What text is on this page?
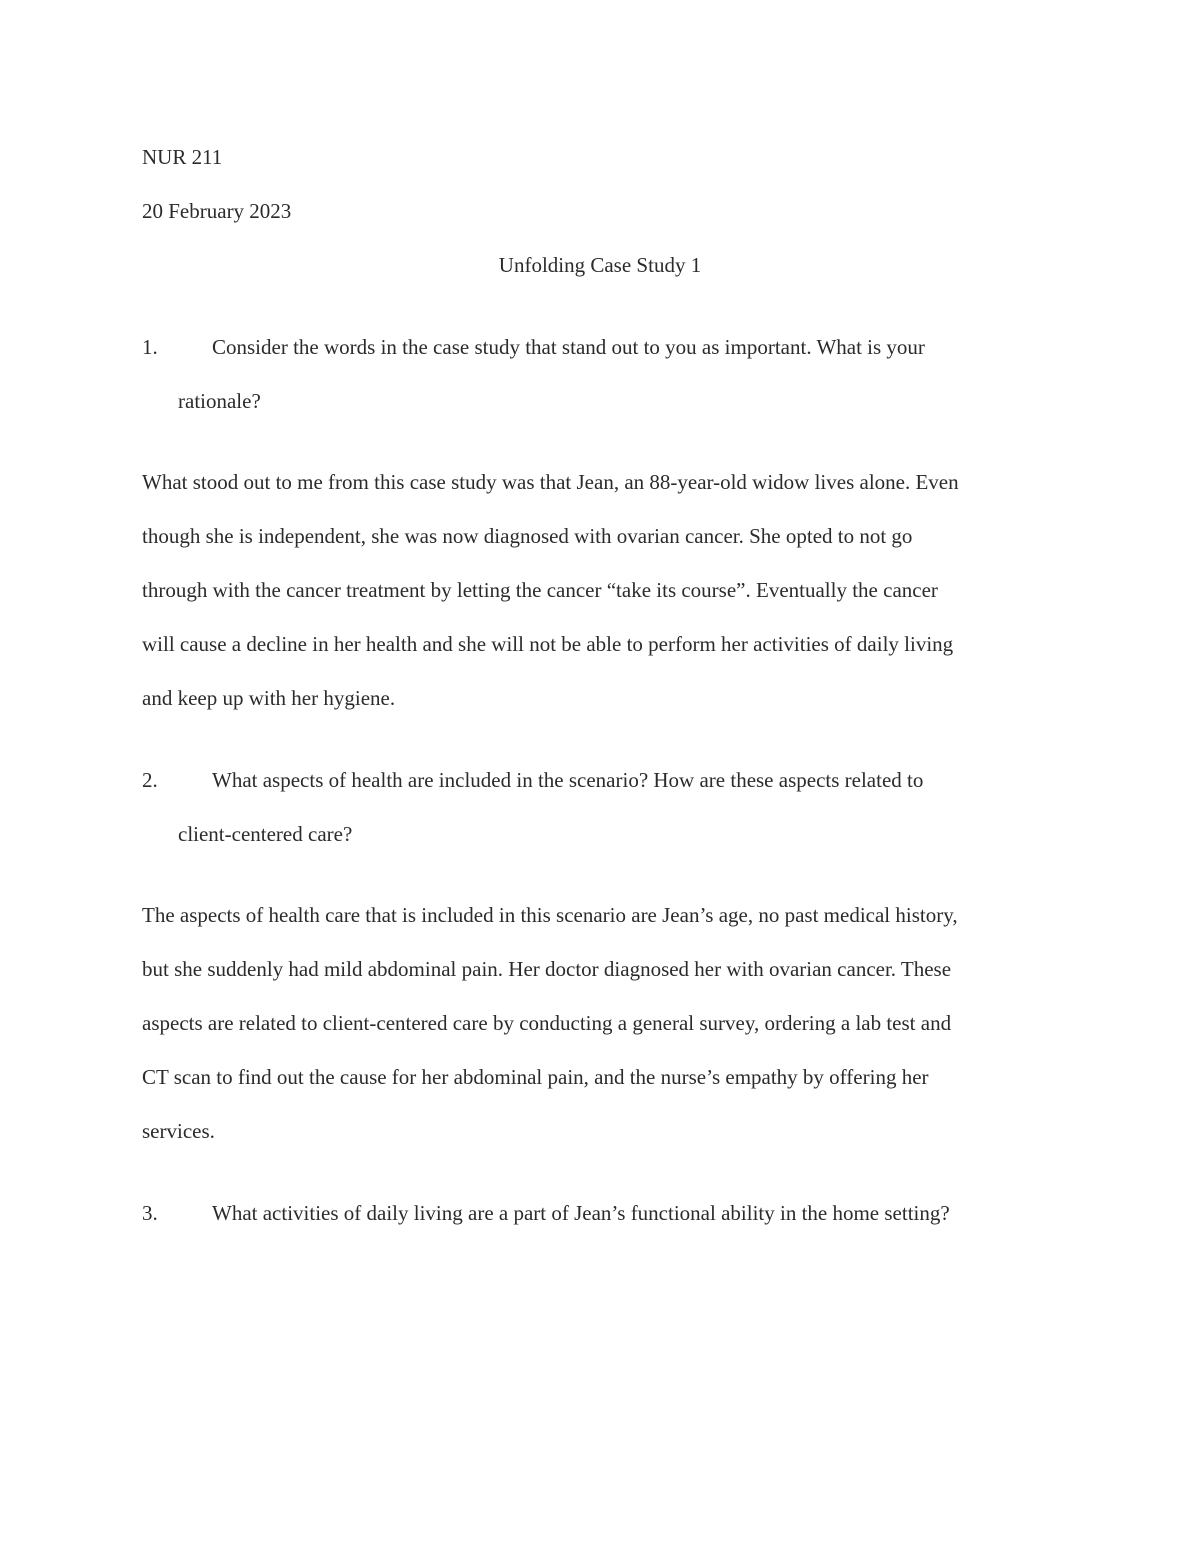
NUR 211
20 February 2023
Unfolding Case Study 1
1.	Consider the words in the case study that stand out to you as important. What is your
rationale?
What stood out to me from this case study was that Jean, an 88-year-old widow lives alone. Even
though she is independent, she was now diagnosed with ovarian cancer. She opted to not go
through with the cancer treatment by letting the cancer “take its course”. Eventually the cancer
will cause a decline in her health and she will not be able to perform her activities of daily living
and keep up with her hygiene.
2.	What aspects of health are included in the scenario? How are these aspects related to
client-centered care?
The aspects of health care that is included in this scenario are Jean’s age, no past medical history,
but she suddenly had mild abdominal pain. Her doctor diagnosed her with ovarian cancer. These
aspects are related to client-centered care by conducting a general survey, ordering a lab test and
CT scan to find out the cause for her abdominal pain, and the nurse’s empathy by offering her
services.
3.	What activities of daily living are a part of Jean’s functional ability in the home setting?
